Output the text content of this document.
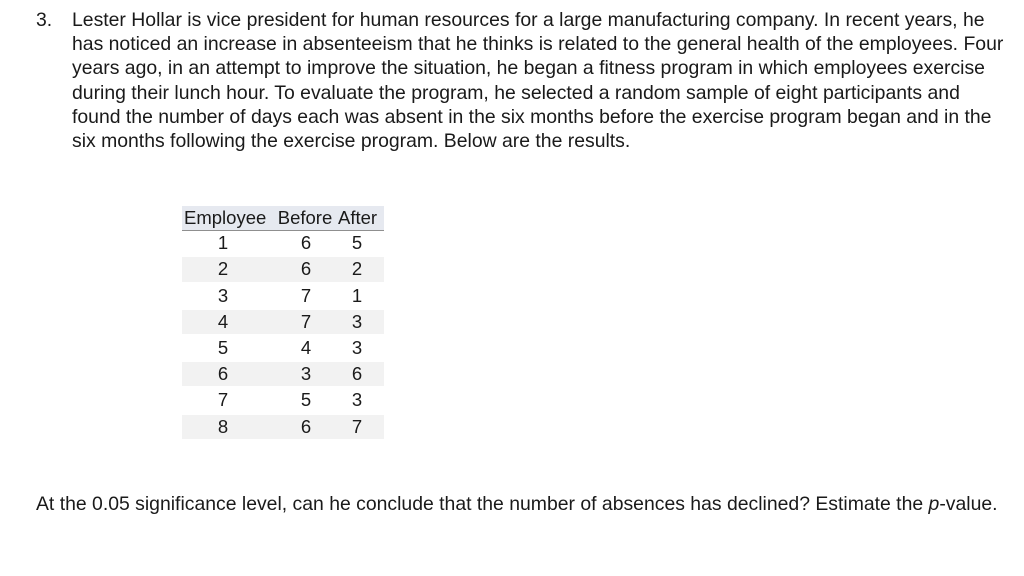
3.	Lester Hollar is vice president for human resources for a large manufacturing company. In recent years, he has noticed an increase in absenteeism that he thinks is related to the general health of the employees. Four years ago, in an attempt to improve the situation, he began a fitness program in which employees exercise during their lunch hour. To evaluate the program, he selected a random sample of eight participants and found the number of days each was absent in the six months before the exercise program began and in the six months following the exercise program. Below are the results.

Employee	Before	After
1	6	5
2	6	2
3	7	1
4	7	3
5	4	3
6	3	6
7	5	3
8	6	7

At the 0.05 significance level, can he conclude that the number of absences has declined? Estimate the p-value.
